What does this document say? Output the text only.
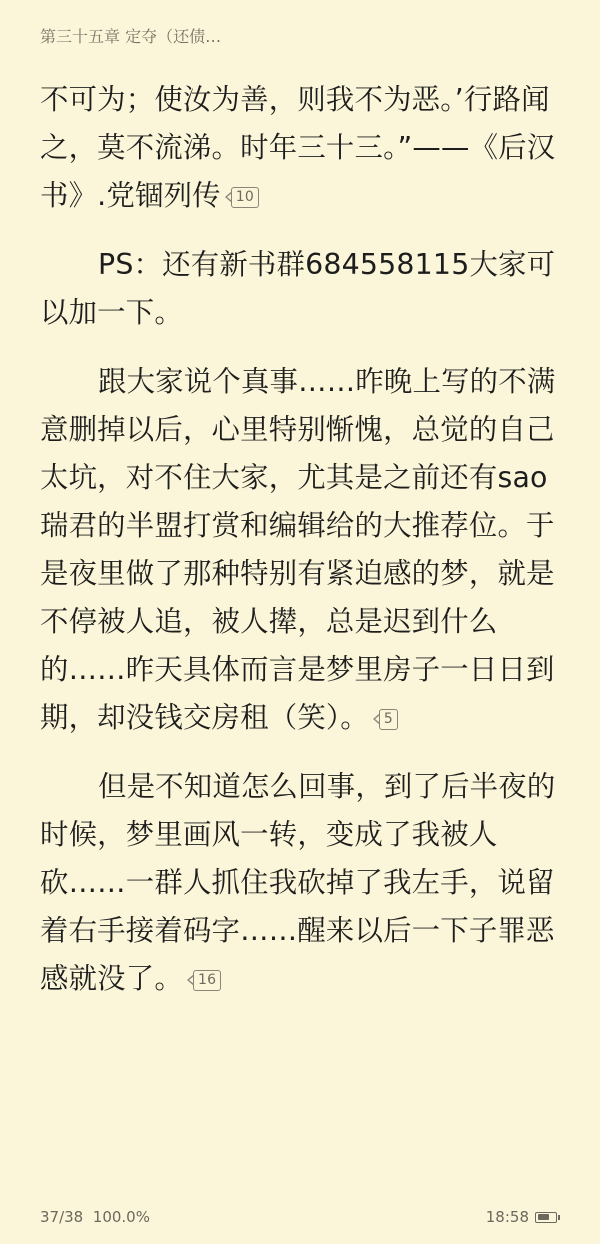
第三十五章 定夺（还债…

不可为；使汝为善，则我不为恶。’行路闻之，莫不流涕。时年三十三。”——《后汉书》.党锢列传	10

PS：还有新书群684558115大家可以加一下。

跟大家说个真事……昨晚上写的不满意删掉以后，心里特别惭愧，总觉的自己太坑，对不住大家，尤其是之前还有sao瑞君的半盟打赏和编辑给的大推荐位。于是夜里做了那种特别有紧迫感的梦，就是不停被人追，被人撵，总是迟到什么的……昨天具体而言是梦里房子一日日到期，却没钱交房租（笑）。	5

但是不知道怎么回事，到了后半夜的时候，梦里画风一转，变成了我被人砍……一群人抓住我砍掉了我左手，说留着右手接着码字……醒来以后一下子罪恶感就没了。	16

37/38 100.0%	18:58
